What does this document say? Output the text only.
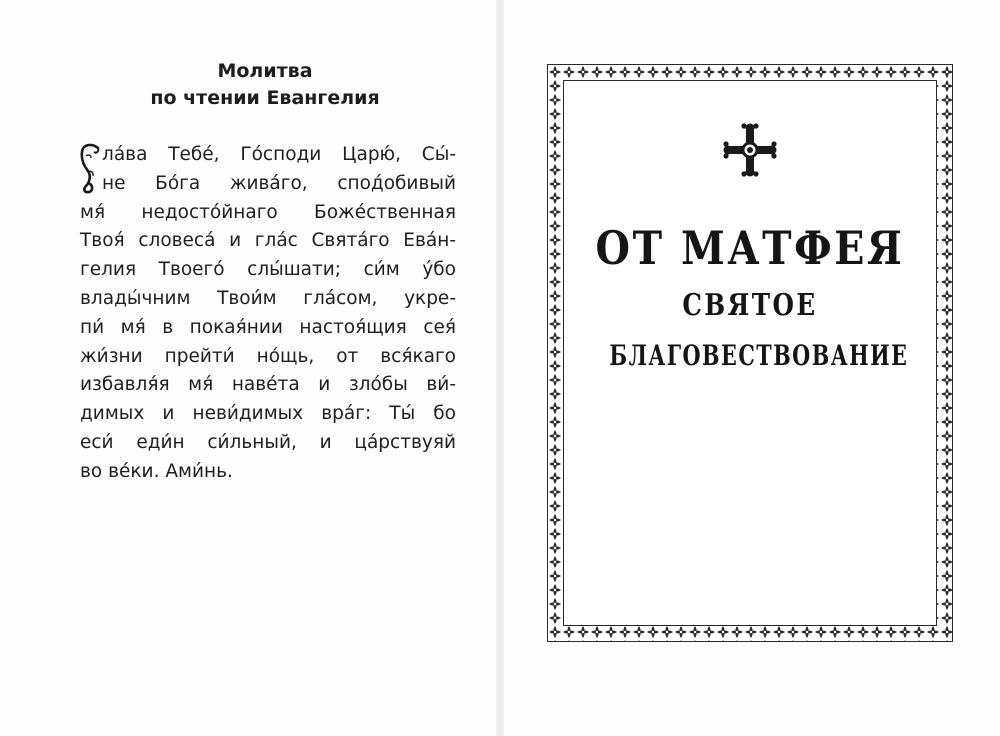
Молитва
по чтении Евангелия
ла́ва Тебе́, Го́споди Царю́, Сы́-
не Бо́га жива́го, спод́обивый
мя́ недосто́йнаго Боже́ственная
Твоя́ словеса́ и гла́с Свята́го Ева́н-
гелия Твоего́ слы́шати; си́м у́бо
влады́чним Твои́м гла́сом, укре-
пи́ мя́ в покая́нии настоя́щия сея́
жи́зни прейти́ но́щь, от вся́каго
избавля́я мя́ наве́та и зло́бы ви́-
димых и неви́димых вра́г: Ты́ бо
еси́ еди́н си́льный, и ца́рствуяй
во ве́ки. Ами́нь.
ОТ МАТФЕЯ
СВЯТОЕ
БЛАГОВЕСТВОВАНИЕ
